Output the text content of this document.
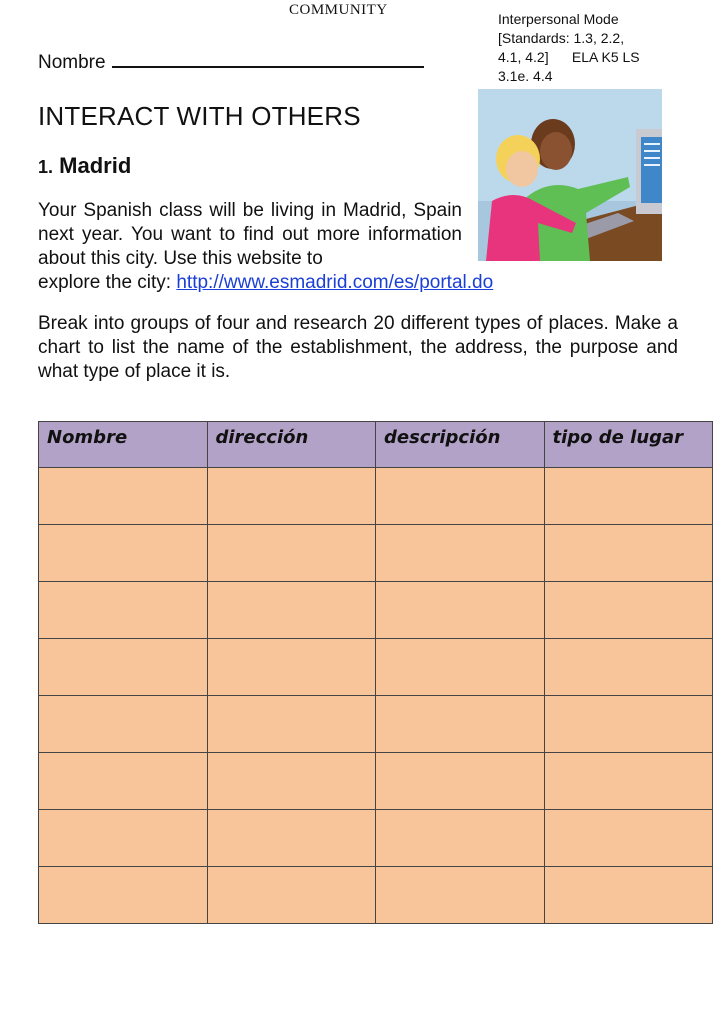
COMMUNITY
Interpersonal Mode
[Standards: 1.3, 2.2,
4.1, 4.2]      ELA K5 LS
3.1e. 4.4
Nombre
INTERACT WITH OTHERS
1. Madrid
Your Spanish class will be living in Madrid, Spain next year. You want to find out more information about this city. Use this website to
explore the city: http://www.esmadrid.com/es/portal.do
Break into groups of four and research 20 different types of places. Make a chart to list the name of the establishment, the address, the purpose and what type of place it is.
Nombre	dirección	descripción	tipo de lugar
